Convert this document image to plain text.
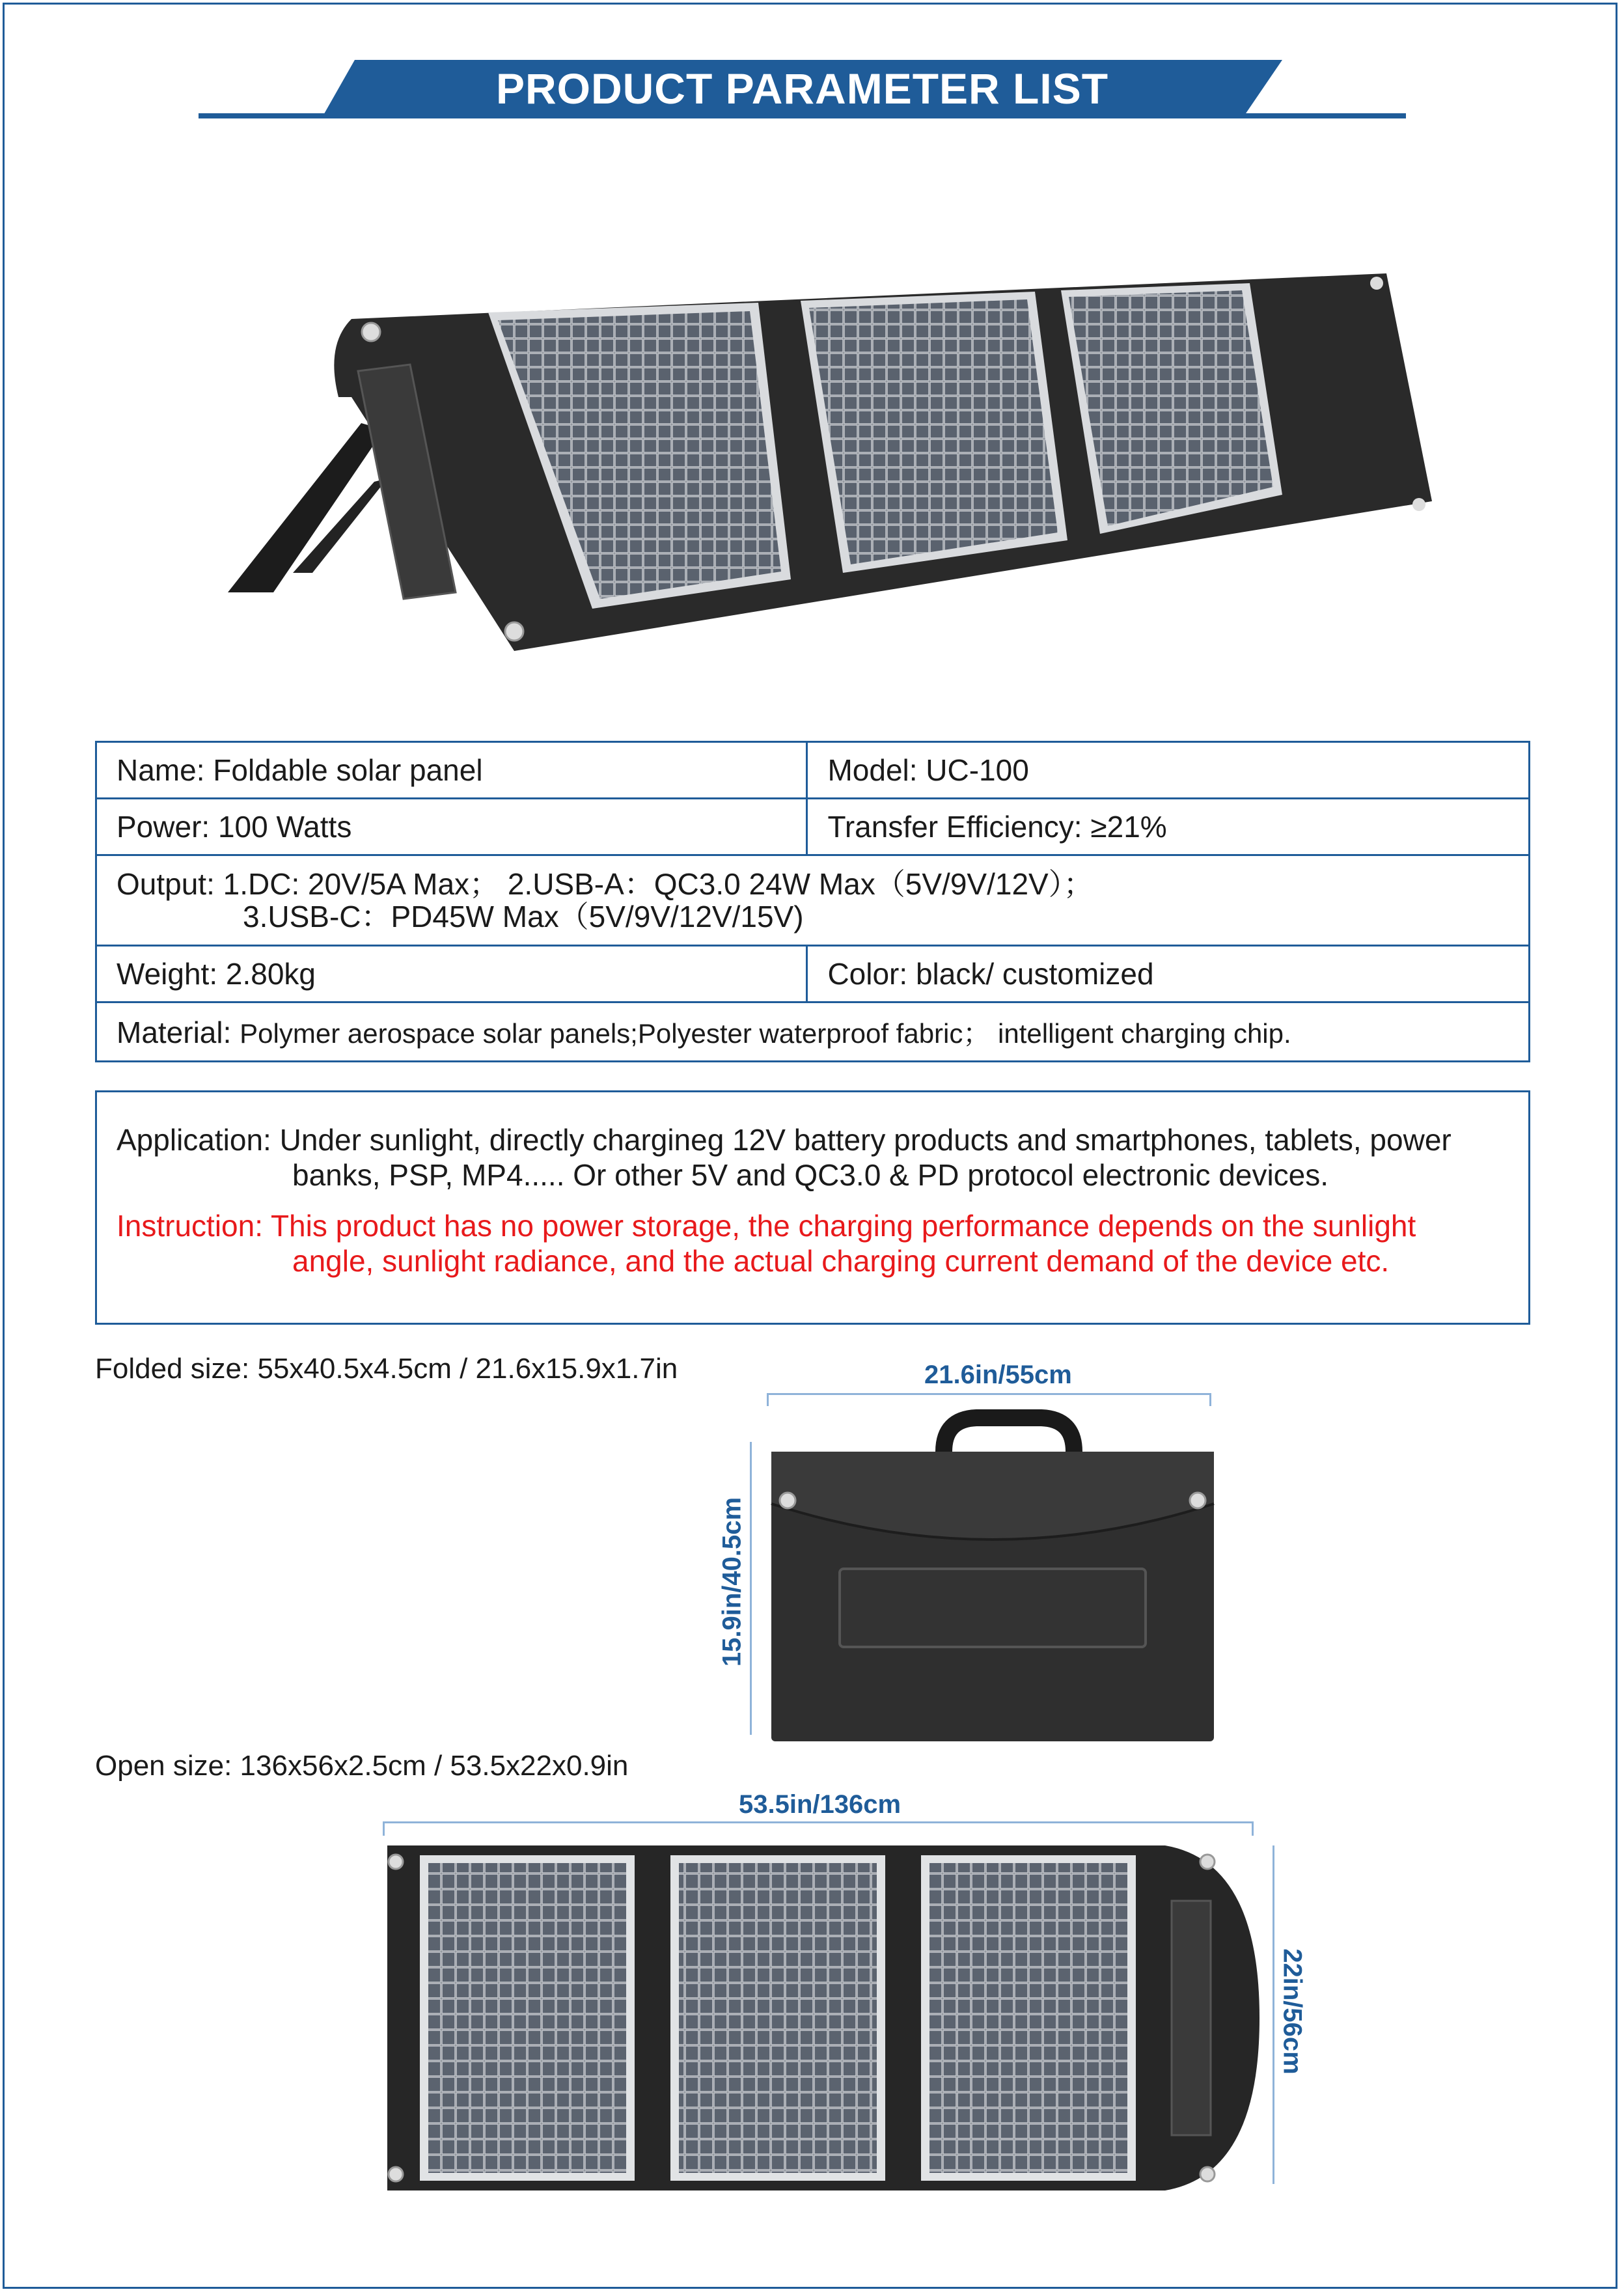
PRODUCT PARAMETER LIST
Name: Foldable solar panel	Model: UC-100
Power: 100 Watts	Transfer Efficiency: ≥21%
Output: 1.DC: 20V/5A Max； 2.USB-A：QC3.0 24W Max（5V/9V/12V）；
3.USB-C：PD45W Max（5V/9V/12V/15V)	

Weight: 2.80kg	Color: black/ customized
Material: Polymer aerospace solar panels;Polyester waterproof fabric； intelligent charging chip.	
Application: Under sunlight, directly chargineg 12V battery products and smartphones, tablets, power
banks, PSP, MP4..... Or other 5V and QC3.0 & PD protocol electronic devices.
Instruction: This product has no power storage, the charging performance depends on the sunlight
angle, sunlight radiance, and the actual charging current demand of the device etc.
Folded size: 55x40.5x4.5cm / 21.6x15.9x1.7in	21.6in/55cm
15.9in/40.5cm
Open size: 136x56x2.5cm / 53.5x22x0.9in
53.5in/136cm
22in/56cm
